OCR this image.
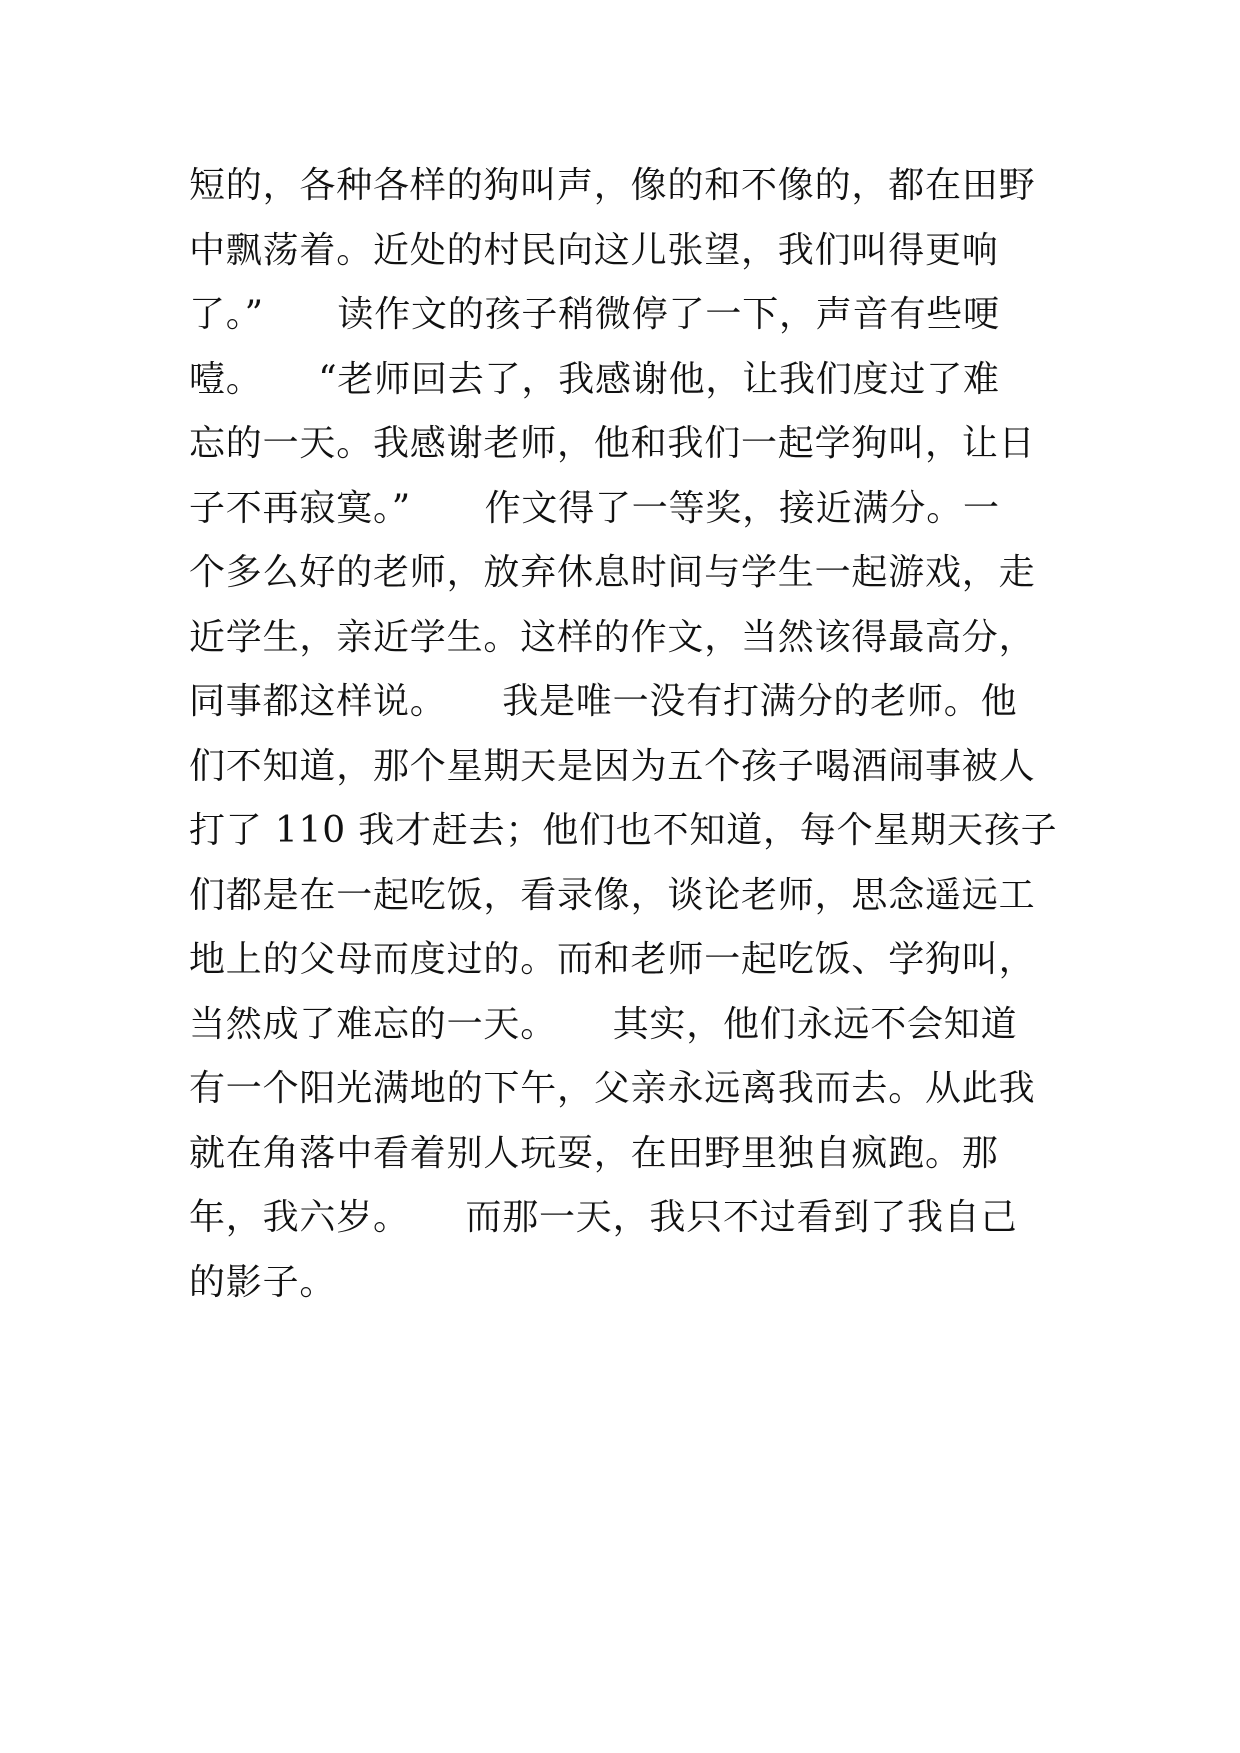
短的，各种各样的狗叫声，像的和不像的，都在田野
中飘荡着。近处的村民向这儿张望，我们叫得更响
了。”　　读作文的孩子稍微停了一下，声音有些哽
噎。　　“老师回去了，我感谢他，让我们度过了难
忘的一天。我感谢老师，他和我们一起学狗叫，让日
子不再寂寞。”　　作文得了一等奖，接近满分。一
个多么好的老师，放弃休息时间与学生一起游戏，走
近学生，亲近学生。这样的作文，当然该得最高分，
同事都这样说。　　我是唯一没有打满分的老师。他
们不知道，那个星期天是因为五个孩子喝酒闹事被人
打了 110 我才赶去；他们也不知道，每个星期天孩子
们都是在一起吃饭，看录像，谈论老师，思念遥远工
地上的父母而度过的。而和老师一起吃饭、学狗叫，
当然成了难忘的一天。　　其实，他们永远不会知道
有一个阳光满地的下午，父亲永远离我而去。从此我
就在角落中看着别人玩耍，在田野里独自疯跑。那
年，我六岁。　　而那一天，我只不过看到了我自己
的影子。
